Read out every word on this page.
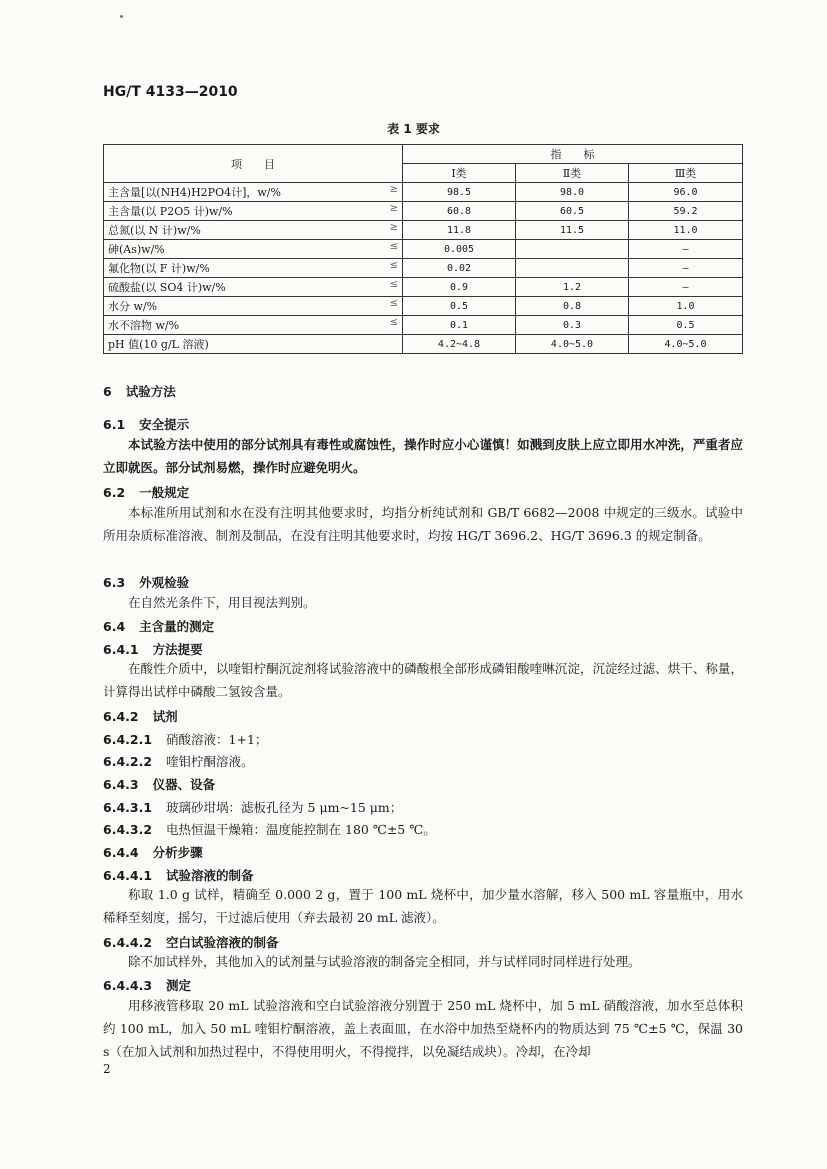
HG/T 4133—2010
表 1 要求
项　　目	指　　标		
	Ⅰ类	Ⅱ类	Ⅲ类
主含量[以(NH4)H2PO4计]，w/% ≥	98.5	98.0	96.0
主含量(以 P2O5 计)w/% ≥	60.8	60.5	59.2
总氮(以 N 计)w/% ≥	11.8	11.5	11.0
砷(As)w/% ≤	0.005		—
氟化物(以 F 计)w/% ≤	0.02		—
硫酸盐(以 SO4 计)w/% ≤	0.9	1.2	—
水分 w/% ≤	0.5	0.8	1.0
水不溶物 w/% ≤	0.1	0.3	0.5
pH 值(10 g/L 溶液)	4.2~4.8	4.0~5.0	4.0~5.0
6 试验方法
6.1 安全提示
本试验方法中使用的部分试剂具有毒性或腐蚀性，操作时应小心谨慎！如溅到皮肤上应立即用水冲洗，严重者应立即就医。部分试剂易燃，操作时应避免明火。
6.2 一般规定
本标准所用试剂和水在没有注明其他要求时，均指分析纯试剂和 GB/T 6682—2008 中规定的三级水。试验中所用杂质标准溶液、制剂及制品，在没有注明其他要求时，均按 HG/T 3696.2、HG/T 3696.3 的规定制备。
6.3 外观检验
在自然光条件下，用目视法判别。
6.4 主含量的测定
6.4.1 方法提要
在酸性介质中，以喹钼柠酮沉淀剂将试验溶液中的磷酸根全部形成磷钼酸喹啉沉淀，沉淀经过滤、烘干、称量，计算得出试样中磷酸二氢铵含量。
6.4.2 试剂
6.4.2.1 硝酸溶液：1+1；
6.4.2.2 喹钼柠酮溶液。
6.4.3 仪器、设备
6.4.3.1 玻璃砂坩埚：滤板孔径为 5 μm~15 μm；
6.4.3.2 电热恒温干燥箱：温度能控制在 180 ℃±5 ℃。
6.4.4 分析步骤
6.4.4.1 试验溶液的制备
称取 1.0 g 试样，精确至 0.000 2 g，置于 100 mL 烧杯中，加少量水溶解，移入 500 mL 容量瓶中，用水稀释至刻度，摇匀，干过滤后使用（弃去最初 20 mL 滤液）。
6.4.4.2 空白试验溶液的制备
除不加试样外，其他加入的试剂量与试验溶液的制备完全相同，并与试样同时同样进行处理。
6.4.4.3 测定
用移液管移取 20 mL 试验溶液和空白试验溶液分别置于 250 mL 烧杯中，加 5 mL 硝酸溶液，加水至总体积约 100 mL，加入 50 mL 喹钼柠酮溶液，盖上表面皿，在水浴中加热至烧杯内的物质达到 75 ℃±5 ℃，保温 30 s（在加入试剂和加热过程中，不得使用明火，不得搅拌，以免凝结成块）。冷却，在冷却
2
